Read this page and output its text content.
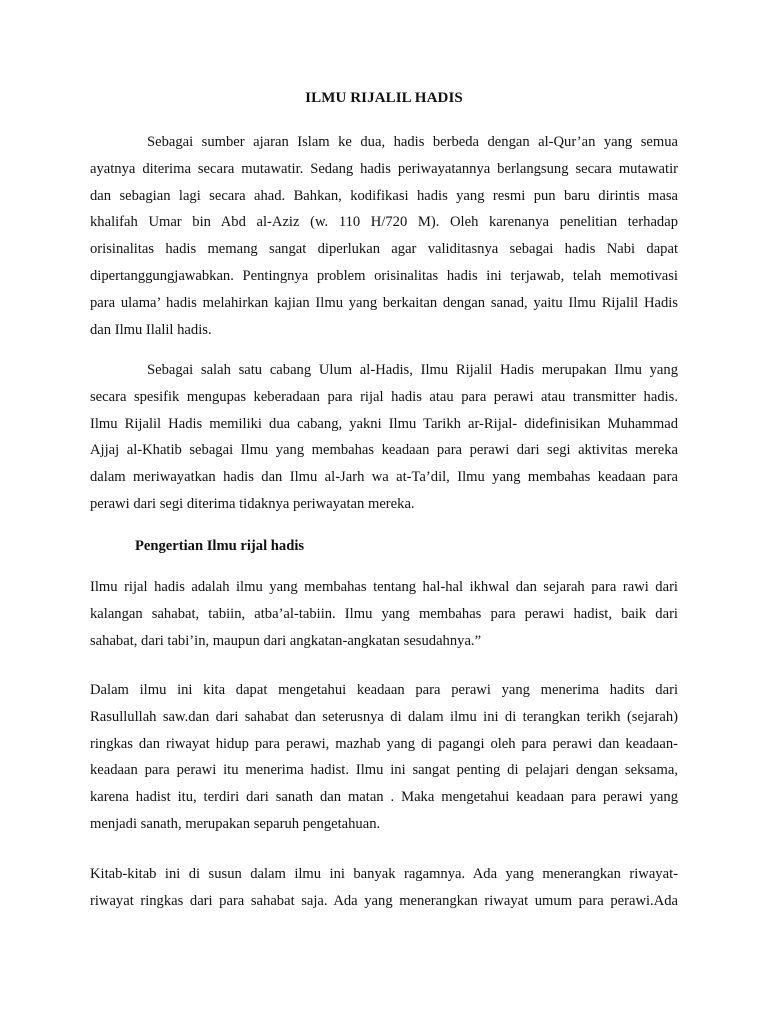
ILMU RIJALIL HADIS
Sebagai sumber ajaran Islam ke dua, hadis berbeda dengan al-Qur’an yang semua
ayatnya diterima secara mutawatir. Sedang hadis periwayatannya berlangsung secara mutawatir
dan sebagian lagi secara ahad. Bahkan, kodifikasi hadis yang resmi pun baru dirintis masa
khalifah Umar bin Abd al-Aziz (w. 110 H/720 M). Oleh karenanya penelitian terhadap
orisinalitas hadis memang sangat diperlukan agar validitasnya sebagai hadis Nabi dapat
dipertanggungjawabkan. Pentingnya problem orisinalitas hadis ini terjawab, telah memotivasi
para ulama’ hadis melahirkan kajian Ilmu yang berkaitan dengan sanad, yaitu Ilmu Rijalil Hadis
dan Ilmu Ilalil hadis.
Sebagai salah satu cabang Ulum al-Hadis, Ilmu Rijalil Hadis merupakan Ilmu yang
secara spesifik mengupas keberadaan para rijal hadis atau para perawi atau transmitter hadis.
Ilmu Rijalil Hadis memiliki dua cabang, yakni Ilmu Tarikh ar-Rijal- didefinisikan Muhammad
Ajjaj al-Khatib sebagai Ilmu yang membahas keadaan para perawi dari segi aktivitas mereka
dalam meriwayatkan hadis dan Ilmu al-Jarh wa at-Ta’dil, Ilmu yang membahas keadaan para
perawi dari segi diterima tidaknya periwayatan mereka.
Pengertian Ilmu rijal hadis
Ilmu rijal hadis adalah ilmu yang membahas tentang hal-hal ikhwal dan sejarah para rawi dari
kalangan sahabat, tabiin, atba’al-tabiin. Ilmu yang membahas para perawi hadist, baik dari
sahabat, dari tabi’in, maupun dari angkatan-angkatan sesudahnya.”
Dalam ilmu ini kita dapat mengetahui keadaan para perawi yang menerima hadits dari
Rasullullah saw.dan dari sahabat dan seterusnya di dalam ilmu ini di terangkan terikh (sejarah)
ringkas dan riwayat hidup para perawi, mazhab yang di pagangi oleh para perawi dan keadaan-
keadaan para perawi itu menerima hadist. Ilmu ini sangat penting di pelajari dengan seksama,
karena hadist itu, terdiri dari sanath dan matan . Maka mengetahui keadaan para perawi yang
menjadi sanath, merupakan separuh pengetahuan.
Kitab-kitab ini di susun dalam ilmu ini banyak ragamnya. Ada yang menerangkan riwayat-
riwayat ringkas dari para sahabat saja. Ada yang menerangkan riwayat umum para perawi.Ada
